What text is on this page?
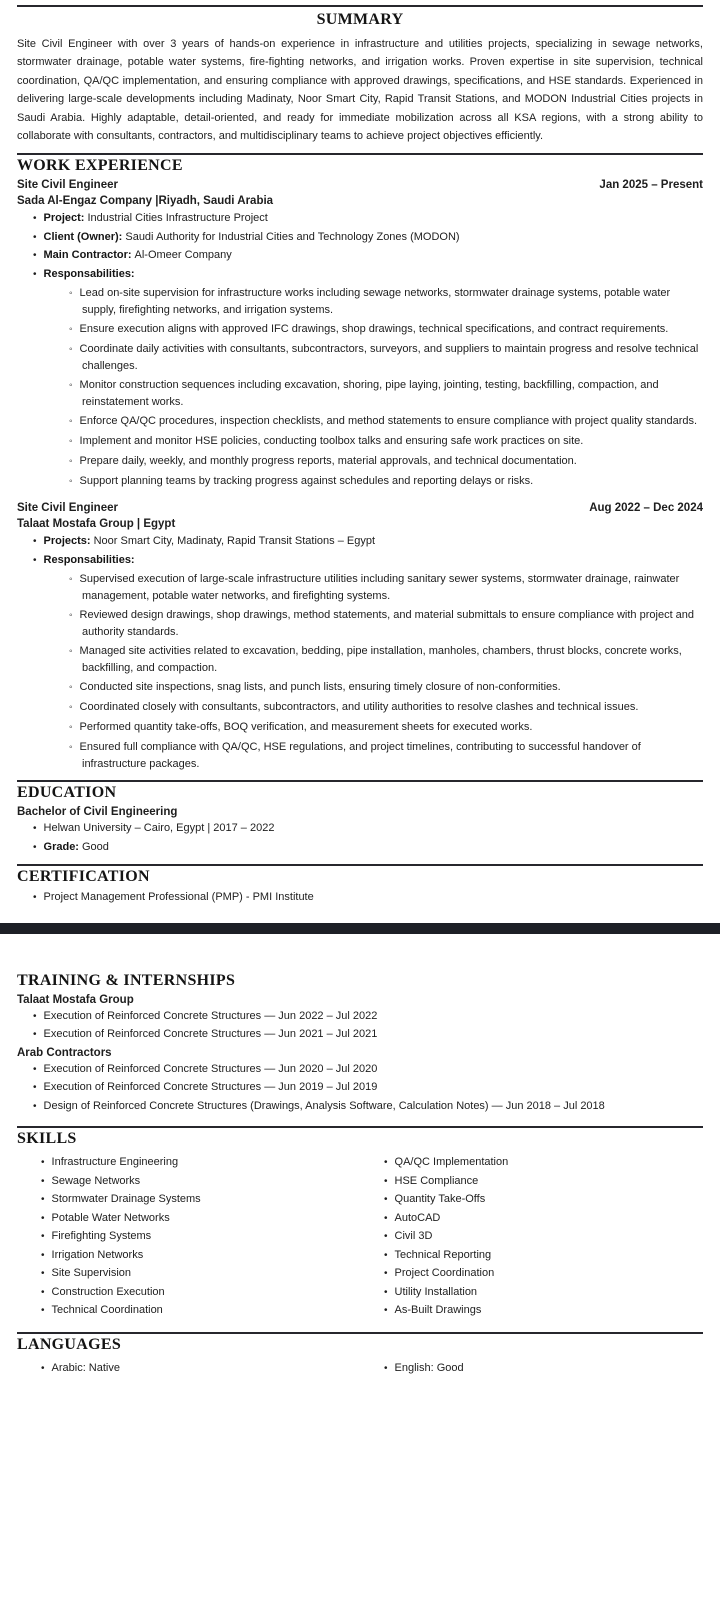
SUMMARY

Site Civil Engineer with over 3 years of hands-on experience in infrastructure and utilities projects, specializing in sewage networks, stormwater drainage, potable water systems, fire-fighting networks, and irrigation works. Proven expertise in site supervision, technical coordination, QA/QC implementation, and ensuring compliance with approved drawings, specifications, and HSE standards. Experienced in delivering large-scale developments including Madinaty, Noor Smart City, Rapid Transit Stations, and MODON Industrial Cities projects in Saudi Arabia. Highly adaptable, detail-oriented, and ready for immediate mobilization across all KSA regions, with a strong ability to collaborate with consultants, contractors, and multidisciplinary teams to achieve project objectives efficiently.

WORK EXPERIENCE
Site Civil Engineer	Jan 2025 – Present
Sada Al-Engaz Company |Riyadh, Saudi Arabia
• Project: Industrial Cities Infrastructure Project
• Client (Owner): Saudi Authority for Industrial Cities and Technology Zones (MODON)
• Main Contractor: Al-Omeer Company
• Responsabilities:
◦ Lead on-site supervision for infrastructure works including sewage networks, stormwater drainage systems, potable water supply, firefighting networks, and irrigation systems.
◦ Ensure execution aligns with approved IFC drawings, shop drawings, technical specifications, and contract requirements.
◦ Coordinate daily activities with consultants, subcontractors, surveyors, and suppliers to maintain progress and resolve technical challenges.
◦ Monitor construction sequences including excavation, shoring, pipe laying, jointing, testing, backfilling, compaction, and reinstatement works.
◦ Enforce QA/QC procedures, inspection checklists, and method statements to ensure compliance with project quality standards.
◦ Implement and monitor HSE policies, conducting toolbox talks and ensuring safe work practices on site.
◦ Prepare daily, weekly, and monthly progress reports, material approvals, and technical documentation.
◦ Support planning teams by tracking progress against schedules and reporting delays or risks.
Site Civil Engineer	Aug 2022 – Dec 2024
Talaat Mostafa Group | Egypt
• Projects: Noor Smart City, Madinaty, Rapid Transit Stations – Egypt
• Responsabilities:
◦ Supervised execution of large-scale infrastructure utilities including sanitary sewer systems, stormwater drainage, rainwater management, potable water networks, and firefighting systems.
◦ Reviewed design drawings, shop drawings, method statements, and material submittals to ensure compliance with project and authority standards.
◦ Managed site activities related to excavation, bedding, pipe installation, manholes, chambers, thrust blocks, concrete works, backfilling, and compaction.
◦ Conducted site inspections, snag lists, and punch lists, ensuring timely closure of non-conformities.
◦ Coordinated closely with consultants, subcontractors, and utility authorities to resolve clashes and technical issues.
◦ Performed quantity take-offs, BOQ verification, and measurement sheets for executed works.
◦ Ensured full compliance with QA/QC, HSE regulations, and project timelines, contributing to successful handover of infrastructure packages.
EDUCATION
Bachelor of Civil Engineering
• Helwan University – Cairo, Egypt | 2017 – 2022
• Grade: Good
CERTIFICATION
• Project Management Professional (PMP) - PMI Institute
TRAINING & INTERNSHIPS
Talaat Mostafa Group
• Execution of Reinforced Concrete Structures — Jun 2022 – Jul 2022
• Execution of Reinforced Concrete Structures — Jun 2021 – Jul 2021
Arab Contractors
• Execution of Reinforced Concrete Structures — Jun 2020 – Jul 2020
• Execution of Reinforced Concrete Structures — Jun 2019 – Jul 2019
• Design of Reinforced Concrete Structures (Drawings, Analysis Software, Calculation Notes) — Jun 2018 – Jul 2018
SKILLS
• Infrastructure Engineering
• Sewage Networks
• Stormwater Drainage Systems
• Potable Water Networks
• Firefighting Systems
• Irrigation Networks
• Site Supervision
• Construction Execution
• Technical Coordination
• QA/QC Implementation
• HSE Compliance
• Quantity Take-Offs
• AutoCAD
• Civil 3D
• Technical Reporting
• Project Coordination
• Utility Installation
• As-Built Drawings
LANGUAGES
• Arabic: Native	• English: Good
